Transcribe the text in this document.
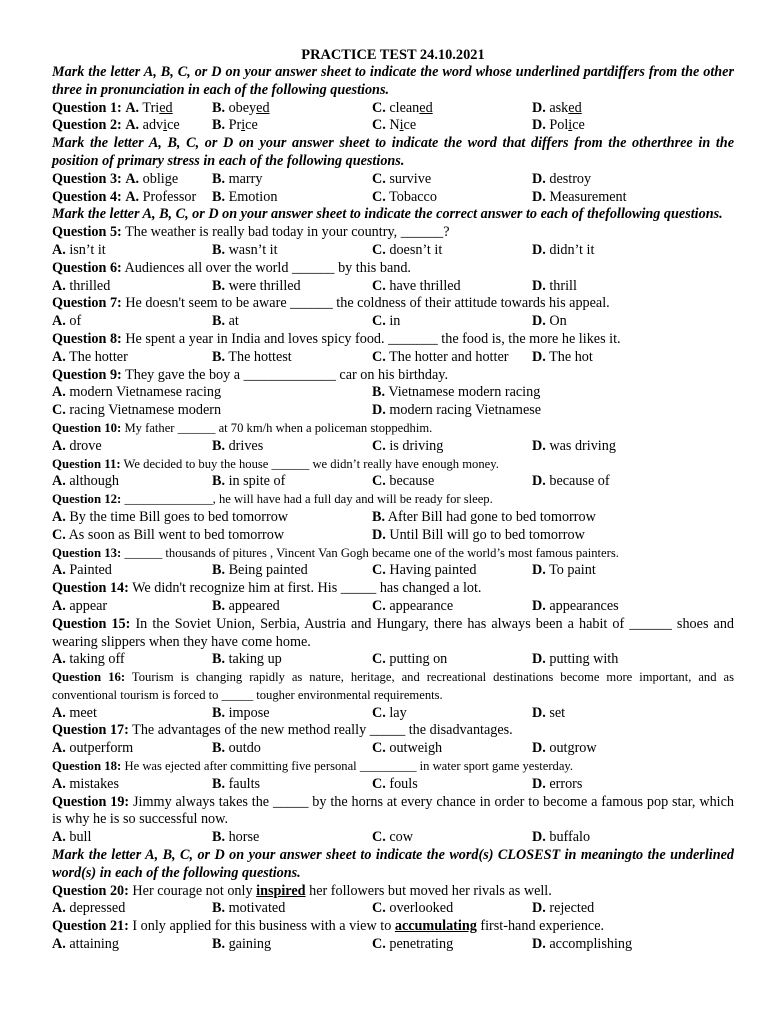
PRACTICE TEST 24.10.2021
Mark the letter A, B, C, or D on your answer sheet to indicate the word whose underlined partdiffers from the other three in pronunciation in each of the following questions.
Question 1: A. Tried	B. obeyed	C. cleaned	D. asked
Question 2: A. advice	B. Price	C. Nice	D. Police
Mark the letter A, B, C, or D on your answer sheet to indicate the word that differs from the otherthree in the position of primary stress in each of the following questions.
Question 3: A. oblige	B. marry	C. survive	D. destroy
Question 4: A. Professor	B. Emotion	C. Tobacco	D. Measurement
Mark the letter A, B, C, or D on your answer sheet to indicate the correct answer to each of thefollowing questions.
Question 5: The weather is really bad today in your country, ______?
A. isn’t it	B. wasn’t it	C. doesn’t it	D. didn’t it
Question 6: Audiences all over the world ______ by this band.
A. thrilled	B. were thrilled	C. have thrilled	D. thrill
Question 7: He doesn't seem to be aware ______ the coldness of their attitude towards his appeal.
A. of	B. at	C. in	D. On
Question 8: He spent a year in India and loves spicy food. _______ the food is, the more he likes it.
A. The hotter	B. The hottest	C. The hotter and hotter	D. The hot
Question 9: They gave the boy a _____________ car on his birthday.
A. modern Vietnamese racing	B. Vietnamese modern racing
C. racing Vietnamese modern	D. modern racing Vietnamese
Question 10: My father ______ at 70 km/h when a policeman stoppedhim.
A. drove	B. drives	C. is driving	D. was driving
Question 11: We decided to buy the house ______ we didn’t really have enough money.
A. although	B. in spite of	C. because	D. because of
Question 12: ______________, he will have had a full day and will be ready for sleep.
A. By the time Bill goes to bed tomorrow	B. After Bill had gone to bed tomorrow
C. As soon as Bill went to bed tomorrow	D. Until Bill will go to bed tomorrow
Question 13: ______ thousands of pitures , Vincent Van Gogh became one of the world’s most famous painters.
A. Painted	B. Being painted	C. Having painted	D. To paint
Question 14: We didn't recognize him at first. His _____ has changed a lot.
A. appear	B. appeared	C. appearance	D. appearances
Question 15: In the Soviet Union, Serbia, Austria and Hungary, there has always been a habit of ______ shoes and wearing slippers when they have come home.
A. taking off	B. taking up	C. putting on	D. putting with
Question 16: Tourism is changing rapidly as nature, heritage, and recreational destinations become more important, and as conventional tourism is forced to _____ tougher environmental requirements.
A. meet	B. impose	C. lay	D. set
Question 17: The advantages of the new method really _____ the disadvantages.
A. outperform	B. outdo	C. outweigh	D. outgrow
Question 18: He was ejected after committing five personal _________ in water sport game yesterday.
A. mistakes	B. faults	C. fouls	D. errors
Question 19: Jimmy always takes the _____ by the horns at every chance in order to become a famous pop star, which is why he is so successful now.
A. bull	B. horse	C. cow	D. buffalo
Mark the letter A, B, C, or D on your answer sheet to indicate the word(s) CLOSEST in meaningto the underlined word(s) in each of the following questions.
Question 20: Her courage not only inspired her followers but moved her rivals as well.
A. depressed	B. motivated	C. overlooked	D. rejected
Question 21: I only applied for this business with a view to accumulating first-hand experience.
A. attaining	B. gaining	C. penetrating	D. accomplishing
